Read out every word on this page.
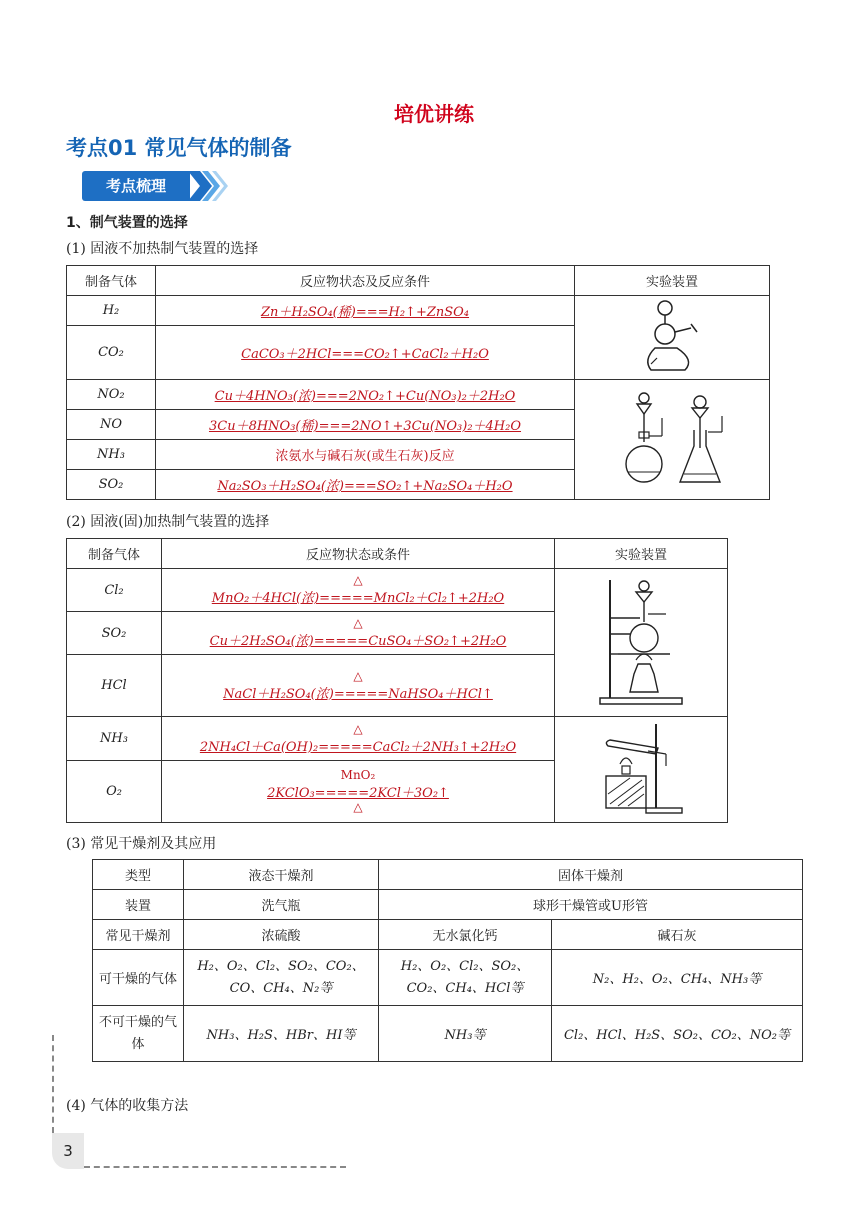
培优讲练
考点01 常见气体的制备
考点梳理
1、制气装置的选择
(1) 固液不加热制气装置的选择
制备气体	反应物状态及反应条件	实验装置
H₂	Zn＋H₂SO₄(稀)===H₂↑+ZnSO₄	
CO₂	CaCO₃＋2HCl===CO₂↑+CaCl₂＋H₂O	
NO₂	Cu＋4HNO₃(浓)===2NO₂↑+Cu(NO₃)₂＋2H₂O	
NO	3Cu＋8HNO₃(稀)===2NO↑+3Cu(NO₃)₂＋4H₂O	
NH₃	浓氨水与碱石灰(或生石灰)反应	
SO₂	Na₂SO₃＋H₂SO₄(浓)===SO₂↑+Na₂SO₄＋H₂O	
(2) 固液(固)加热制气装置的选择
制备气体	反应物状态或条件	实验装置
Cl₂	△
MnO₂＋4HCl(浓)=====MnCl₂＋Cl₂↑+2H₂O	
SO₂	△
Cu＋2H₂SO₄(浓)=====CuSO₄＋SO₂↑+2H₂O	
HCl	△
NaCl＋H₂SO₄(浓)=====NaHSO₄＋HCl↑	
NH₃	△
2NH₄Cl＋Ca(OH)₂=====CaCl₂＋2NH₃↑+2H₂O	
O₂	MnO₂
2KClO₃=====2KCl＋3O₂↑
△	
(3) 常见干燥剂及其应用
类型	液态干燥剂	固体干燥剂	
装置	洗气瓶	球形干燥管或U形管	
常见干燥剂	浓硫酸	无水氯化钙	碱石灰
可干燥的气体	H₂、O₂、Cl₂、SO₂、CO₂、CO、CH₄、N₂等	H₂、O₂、Cl₂、SO₂、CO₂、CH₄、HCl等	N₂、H₂、O₂、CH₄、NH₃等
不可干燥的气体	NH₃、H₂S、HBr、HI等	NH₃等	Cl₂、HCl、H₂S、SO₂、CO₂、NO₂等
(4) 气体的收集方法
3
